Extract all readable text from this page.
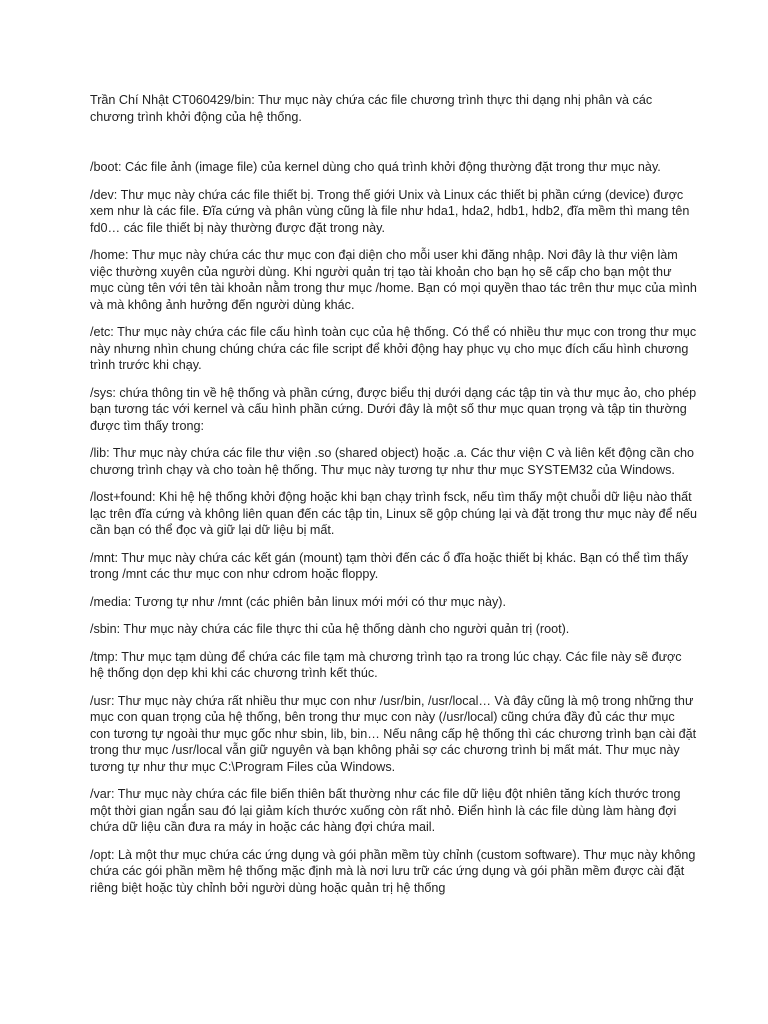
Trần Chí Nhật CT060429/bin: Thư mục này chứa các file chương trình thực thi dạng nhị phân và các chương trình khởi động của hệ thống.

/boot: Các file ảnh (image file) của kernel dùng cho quá trình khởi động thường đặt trong thư mục này.

/dev: Thư mục này chứa các file thiết bị. Trong thế giới Unix và Linux các thiết bị phần cứng (device) được xem như là các file. Đĩa cứng và phân vùng cũng là file như hda1, hda2, hdb1, hdb2, đĩa mềm thì mang tên fd0… các file thiết bị này thường được đặt trong này.

/home: Thư mục này chứa các thư mục con đại diện cho mỗi user khi đăng nhập. Nơi đây là thư viện làm việc thường xuyên của người dùng. Khi người quản trị tạo tài khoản cho bạn họ sẽ cấp cho bạn một thư mục cùng tên với tên tài khoản nằm trong thư mục /home. Bạn có mọi quyền thao tác trên thư mục của mình và mà không ảnh hưởng đến người dùng khác.

/etc: Thư mục này chứa các file cấu hình toàn cục của hệ thống. Có thể có nhiều thư mục con trong thư mục này nhưng nhìn chung chúng chứa các file script để khởi động hay phục vụ cho mục đích cấu hình chương trình trước khi chạy.

/sys: chứa thông tin về hệ thống và phần cứng, được biểu thị dưới dạng các tập tin và thư mục ảo, cho phép bạn tương tác với kernel và cấu hình phần cứng. Dưới đây là một số thư mục quan trọng và tập tin thường được tìm thấy trong:

/lib: Thư mục này chứa các file thư viện .so (shared object) hoặc .a. Các thư viện C và liên kết động cần cho chương trình chạy và cho toàn hệ thống. Thư mục này tương tự như thư mục SYSTEM32 của Windows.

/lost+found: Khi hệ hệ thống khởi động hoặc khi bạn chạy trình fsck, nếu tìm thấy một chuỗi dữ liệu nào thất lạc trên đĩa cứng và không liên quan đến các tập tin, Linux sẽ gộp chúng lại và đặt trong thư mục này để nếu cần bạn có thể đọc và giữ lại dữ liệu bị mất.

/mnt: Thư mục này chứa các kết gán (mount) tạm thời đến các ổ đĩa hoặc thiết bị khác. Bạn có thể tìm thấy trong /mnt các thư mục con như cdrom hoặc floppy.

/media: Tương tự như /mnt (các phiên bản linux mới mới có thư mục này).

/sbin: Thư mục này chứa các file thực thi của hệ thống dành cho người quản trị (root).

/tmp: Thư mục tạm dùng để chứa các file tạm mà chương trình tạo ra trong lúc chạy. Các file này sẽ được hệ thống dọn dẹp khi khi các chương trình kết thúc.

/usr: Thư mục này chứa rất nhiều thư mục con như /usr/bin, /usr/local… Và đây cũng là mộ trong những thư mục con quan trọng của hệ thống, bên trong thư mục con này (/usr/local) cũng chứa đầy đủ các thư mục con tương tự ngoài thư mục gốc như sbin, lib, bin… Nếu nâng cấp hệ thống thì các chương trình bạn cài đặt trong thư mục /usr/local vẫn giữ nguyên và bạn không phải sợ các chương trình bị mất mát. Thư mục này tương tự như thư mục C:\Program Files của Windows.

/var: Thư mục này chứa các file biến thiên bất thường như các file dữ liệu đột nhiên tăng kích thước trong một thời gian ngắn sau đó lại giảm kích thước xuống còn rất nhỏ. Điển hình là các file dùng làm hàng đợi chứa dữ liệu cần đưa ra máy in hoặc các hàng đợi chứa mail.

/opt: Là một thư mục chứa các ứng dụng và gói phần mềm tùy chỉnh (custom software). Thư mục này không chứa các gói phần mềm hệ thống mặc định mà là nơi lưu trữ các ứng dụng và gói phần mềm được cài đặt riêng biệt hoặc tùy chỉnh bởi người dùng hoặc quản trị hệ thống
